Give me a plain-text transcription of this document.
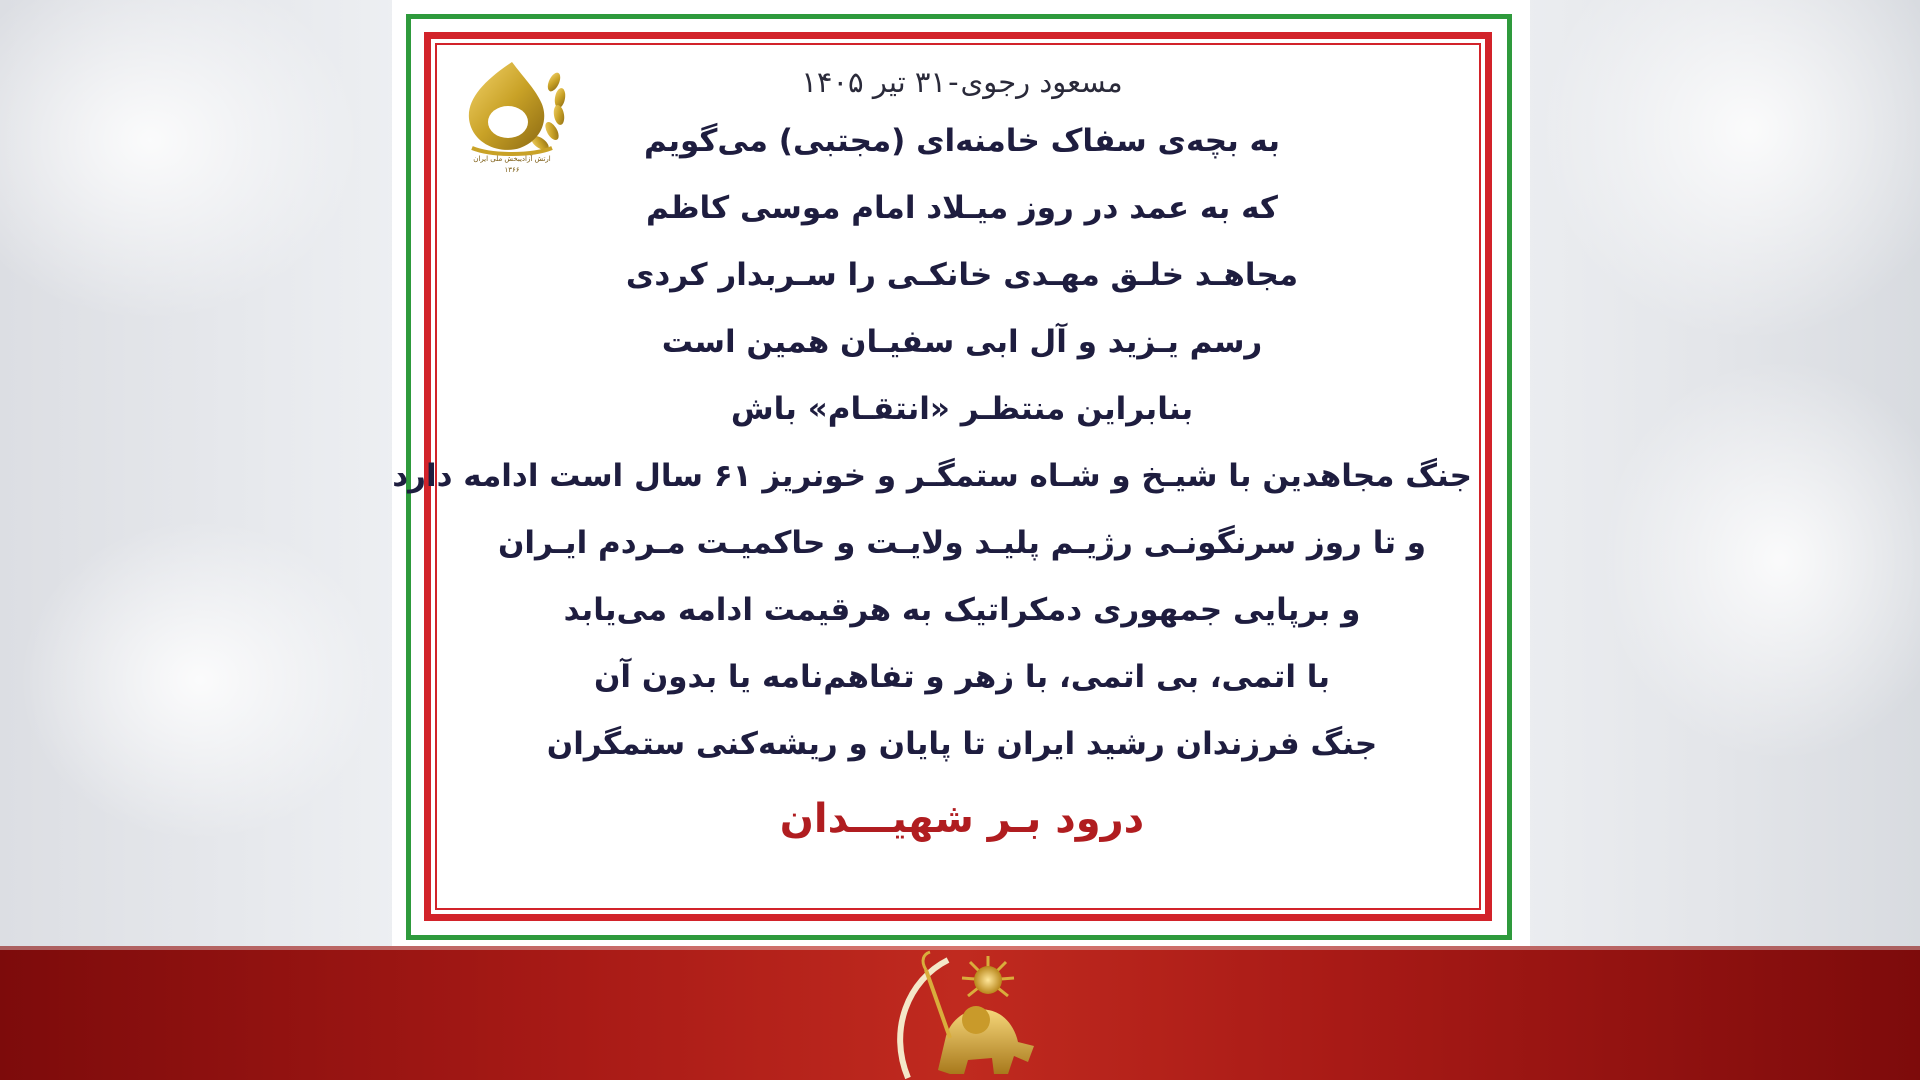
ارتش آزادیبخش ملی ایران
۱۳۶۶
مسعود رجوی-۳۱ تیر ۱۴۰۵
به بچه‌ی سفاک خامنه‌ای (مجتبی) می‌گویم
که به عمد در روز میـلاد امام موسی کاظم
مجاهـد خلـق مهـدی خانکـی را سـربدار کردی
رسم یـزید و آل ابی سفیـان همین است
بنابراین منتظـر «انتقـام» باش
جنگ مجاهدین با شیـخ و شـاه ستمگـر و خونریز ۶۱ سال است ادامه دارد
و تا روز سرنگونـی رژیـم پلیـد ولایـت و حاکمیـت مـردم ایـران
و برپایی جمهوری دمکراتیک به هرقیمت ادامه می‌یابد
با اتمی، بی اتمی، با زهر و تفاهم‌نامه یا بدون آن
جنگ فرزندان رشید ایران تا پایان و ریشه‌کنی ستمگران
درود بـر شهیـــدان
